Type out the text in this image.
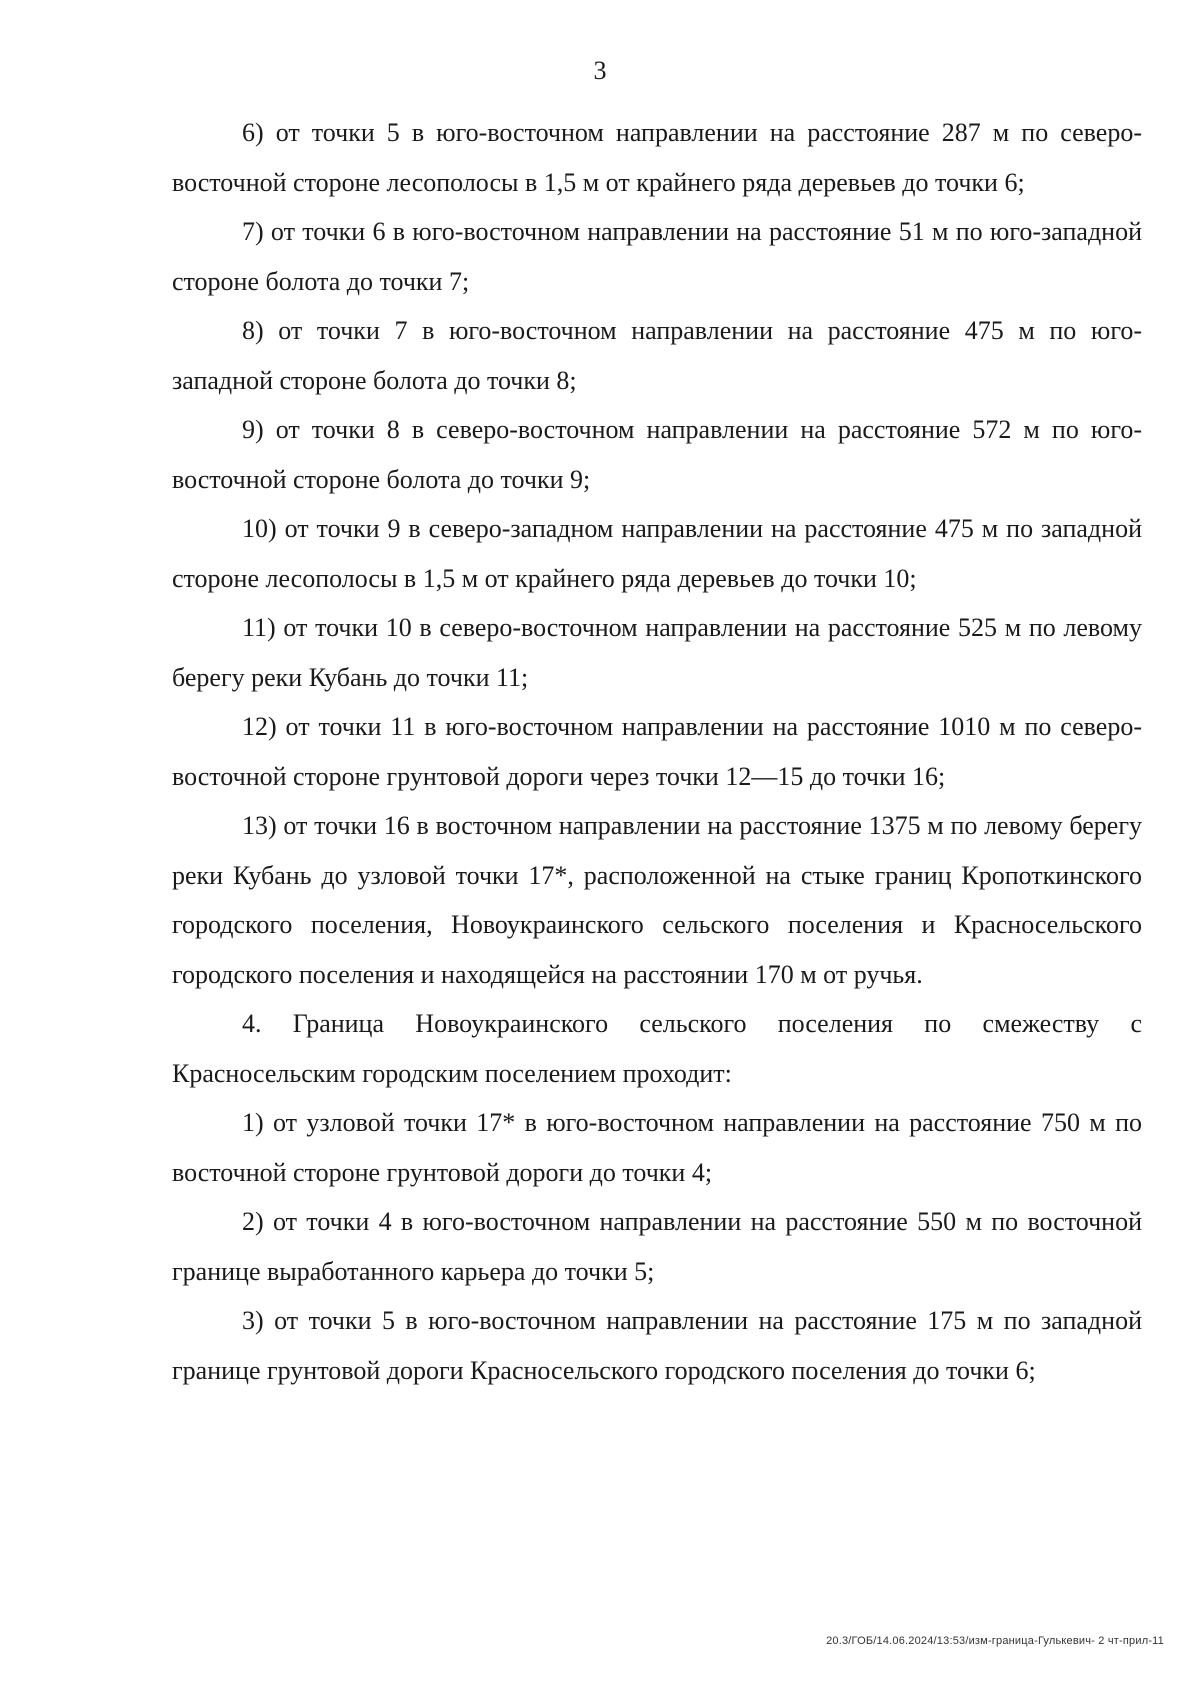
3

6) от точки 5 в юго-восточном направлении на расстояние 287 м по северо-восточной стороне лесополосы в 1,5 м от крайнего ряда деревьев до точки 6;

7) от точки 6 в юго-восточном направлении на расстояние 51 м по юго-западной стороне болота до точки 7;

8) от точки 7 в юго-восточном направлении на расстояние 475 м по юго-западной стороне болота до точки 8;

9) от точки 8 в северо-восточном направлении на расстояние 572 м по юго-восточной стороне болота до точки 9;

10) от точки 9 в северо-западном направлении на расстояние 475 м по западной стороне лесополосы в 1,5 м от крайнего ряда деревьев до точки 10;

11) от точки 10 в северо-восточном направлении на расстояние 525 м по левому берегу реки Кубань до точки 11;

12) от точки 11 в юго-восточном направлении на расстояние 1010 м по северо-восточной стороне грунтовой дороги через точки 12—15 до точки 16;

13) от точки 16 в восточном направлении на расстояние 1375 м по левому берегу реки Кубань до узловой точки 17*, расположенной на стыке границ Кропоткинского городского поселения, Новоукраинского сельского поселения и Красносельского городского поселения и находящейся на расстоянии 170 м от ручья.

4. Граница Новоукраинского сельского поселения по смежеству с Красносельским городским поселением проходит:

1) от узловой точки 17* в юго-восточном направлении на расстояние 750 м по восточной стороне грунтовой дороги до точки 4;

2) от точки 4 в юго-восточном направлении на расстояние 550 м по восточной границе выработанного карьера до точки 5;

3) от точки 5 в юго-восточном направлении на расстояние 175 м по западной границе грунтовой дороги Красносельского городского поселения до точки 6;

20.3/ГОБ/14.06.2024/13:53/изм-граница-Гулькевич- 2 чт-прил-11
